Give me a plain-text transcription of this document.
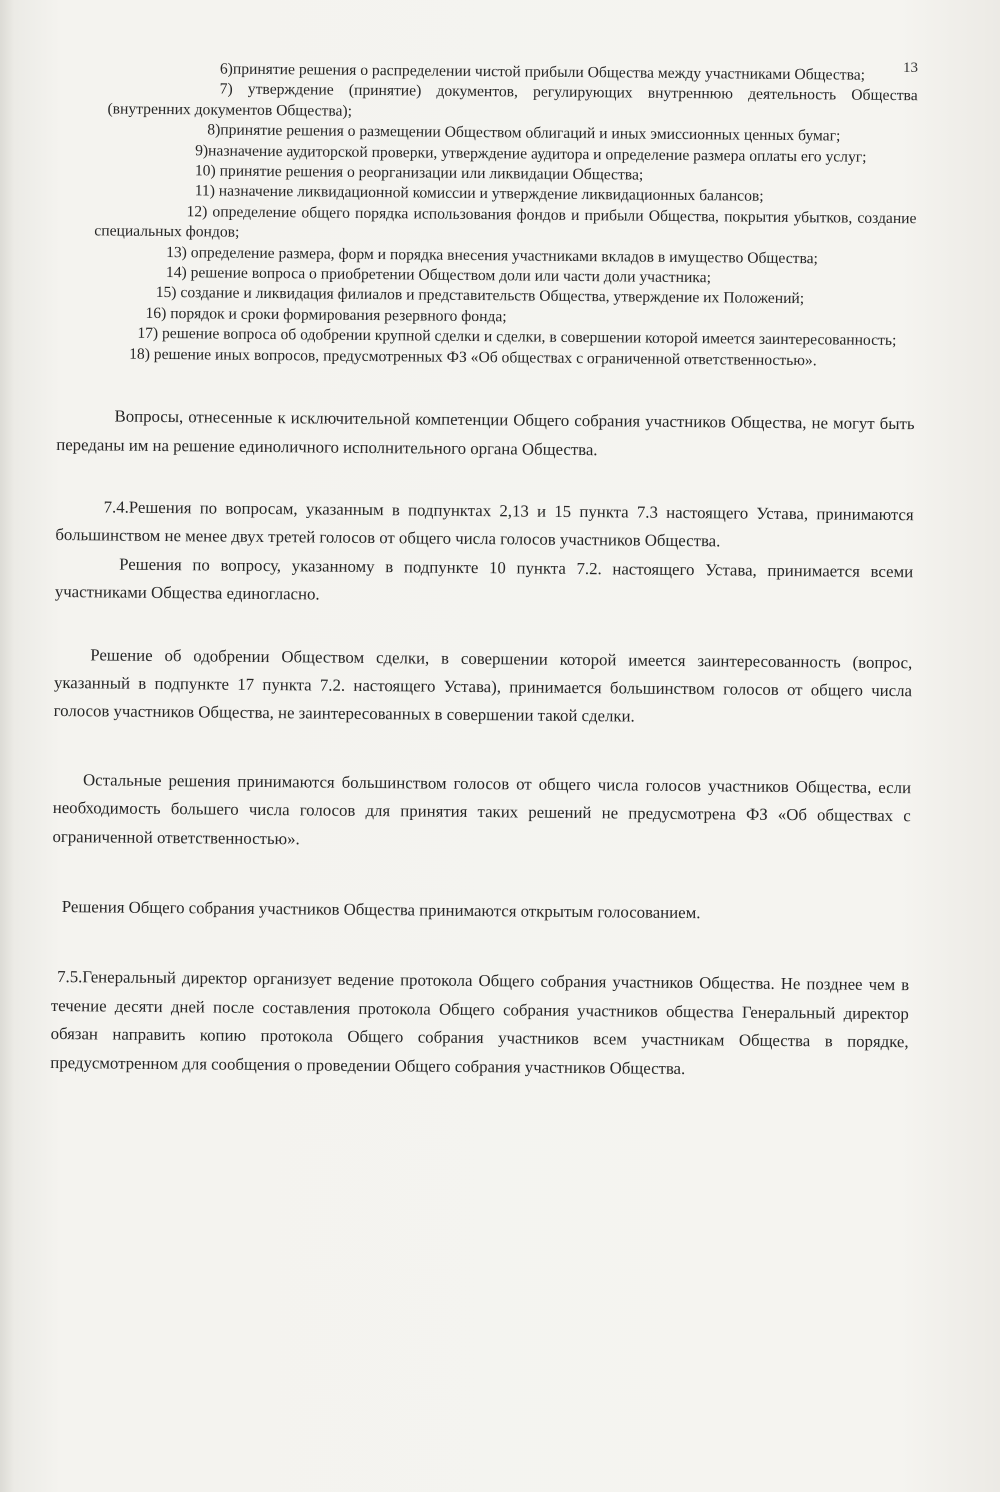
13

6)принятие решения о распределении чистой прибыли Общества между участниками Общества;

7) утверждение (принятие) документов, регулирующих внутреннюю деятельность Общества (внутренних документов Общества);

8)принятие решения о размещении Обществом облигаций и иных эмиссионных ценных бумаг;

9)назначение аудиторской проверки, утверждение аудитора и определение размера оплаты его услуг;

10) принятие решения о реорганизации или ликвидации Общества;

11) назначение ликвидационной комиссии и утверждение ликвидационных балансов;

12) определение общего порядка использования фондов и прибыли Общества, покрытия убытков, создание специальных фондов;

13) определение размера, форм и порядка внесения участниками вкладов в имущество Общества;

14) решение вопроса о приобретении Обществом доли или части доли участника;

15) создание и ликвидация филиалов и представительств Общества, утверждение их Положений;

16) порядок и сроки формирования резервного фонда;

17) решение вопроса об одобрении крупной сделки и сделки, в совершении которой имеется заинтересованность;

18) решение иных вопросов, предусмотренных ФЗ «Об обществах с ограниченной ответственностью».

Вопросы, отнесенные к исключительной компетенции Общего собрания участников Общества, не могут быть переданы им на решение единоличного исполнительного органа Общества.

7.4.Решения по вопросам, указанным в подпунктах 2,13 и 15 пункта 7.3 настоящего Устава, принимаются большинством не менее двух третей голосов от общего числа голосов участников Общества.

Решения по вопросу, указанному в подпункте 10 пункта 7.2. настоящего Устава, принимается всеми участниками Общества единогласно.

Решение об одобрении Обществом сделки, в совершении которой имеется заинтересованность (вопрос, указанный в подпункте 17 пункта 7.2. настоящего Устава), принимается большинством голосов от общего числа голосов участников Общества, не заинтересованных в совершении такой сделки.

Остальные решения принимаются большинством голосов от общего числа голосов участников Общества, если необходимость большего числа голосов для принятия таких решений не предусмотрена ФЗ «Об обществах с ограниченной ответственностью».

Решения Общего собрания участников Общества принимаются открытым голосованием.

7.5.Генеральный директор организует ведение протокола Общего собрания участников Общества. Не позднее чем в течение десяти дней после составления протокола Общего собрания участников общества Генеральный директор обязан направить копию протокола Общего собрания участников всем участникам Общества в порядке, предусмотренном для сообщения о проведении Общего собрания участников Общества.
